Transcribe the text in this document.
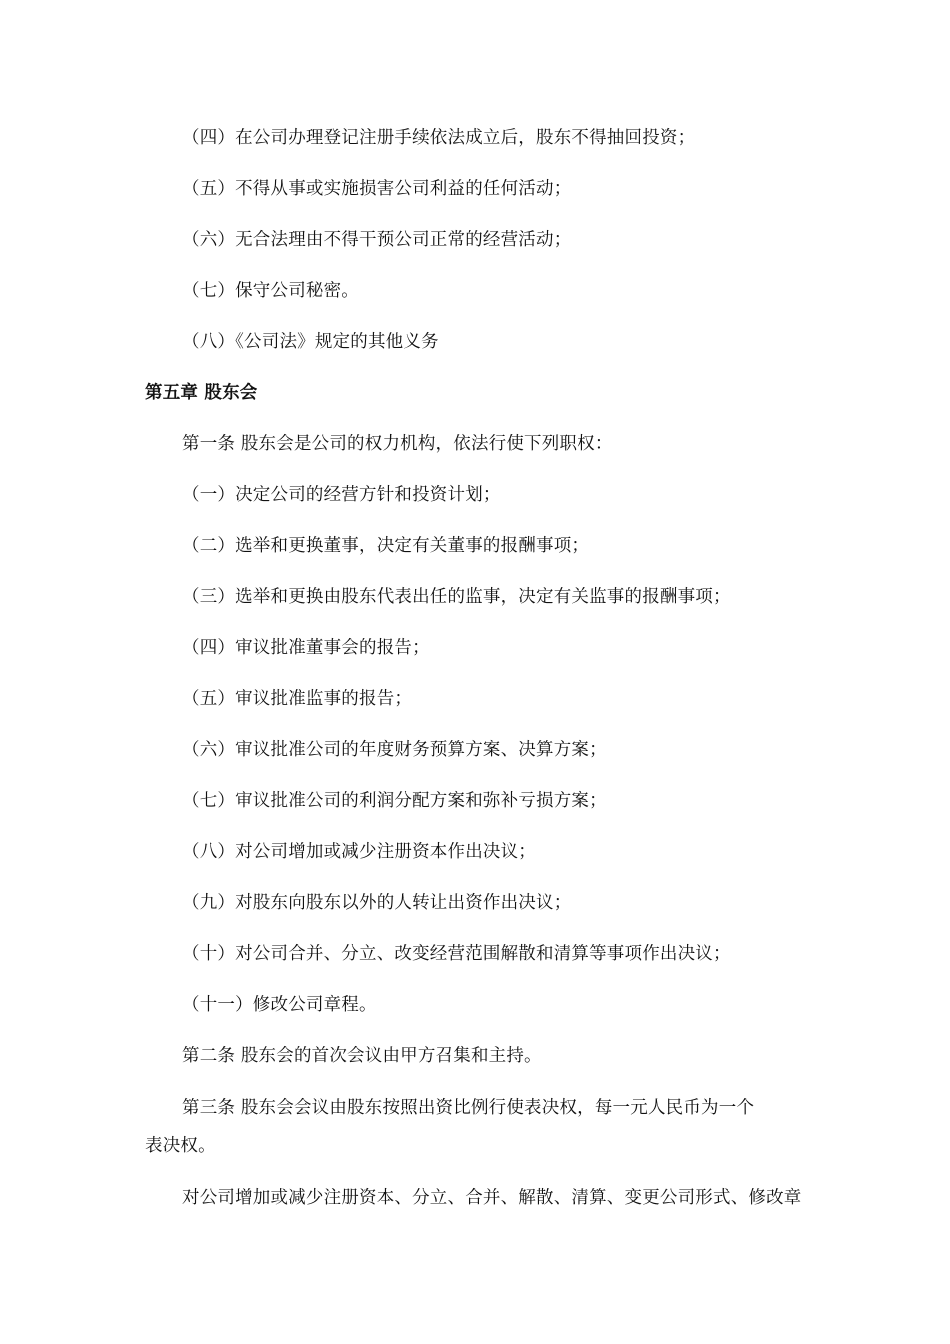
（四）在公司办理登记注册手续依法成立后，股东不得抽回投资；
（五）不得从事或实施损害公司利益的任何活动；
（六）无合法理由不得干预公司正常的经营活动；
（七）保守公司秘密。
（八）《公司法》规定的其他义务
第五章 股东会
第一条 股东会是公司的权力机构，依法行使下列职权：
（一）决定公司的经营方针和投资计划；
（二）选举和更换董事，决定有关董事的报酬事项；
（三）选举和更换由股东代表出任的监事，决定有关监事的报酬事项；
（四）审议批准董事会的报告；
（五）审议批准监事的报告；
（六）审议批准公司的年度财务预算方案、决算方案；
（七）审议批准公司的利润分配方案和弥补亏损方案；
（八）对公司增加或减少注册资本作出决议；
（九）对股东向股东以外的人转让出资作出决议；
（十）对公司合并、分立、改变经营范围解散和清算等事项作出决议；
（十一）修改公司章程。
第二条 股东会的首次会议由甲方召集和主持。
第三条 股东会会议由股东按照出资比例行使表决权，每一元人民币为一个
表决权。
对公司增加或减少注册资本、分立、合并、解散、清算、变更公司形式、修改章
